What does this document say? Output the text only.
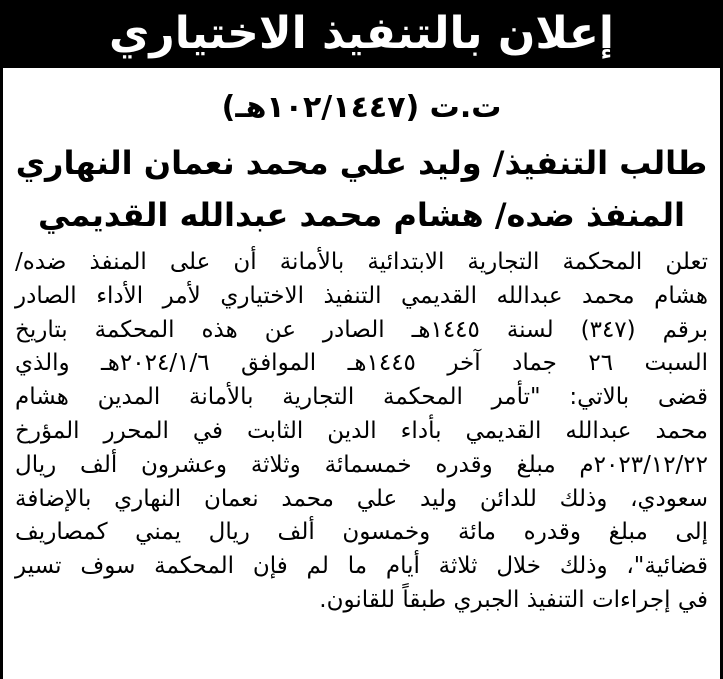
إعلان بالتنفيذ الاختياري
ت.ت (١٠٢/١٤٤٧هـ)
طالب التنفيذ/ وليد علي محمد نعمان النهاري
المنفذ ضده/ هشام محمد عبدالله القديمي
تعلن المحكمة التجارية الابتدائية بالأمانة أن على المنفذ ضده/
هشام محمد عبدالله القديمي التنفيذ الاختياري لأمر الأداء الصادر
برقم (٣٤٧) لسنة ١٤٤٥هـ الصادر عن هذه المحكمة بتاريخ
السبت ٢٦ جماد آخر ١٤٤٥هـ الموافق ٢٠٢٤/١/٦هـ والذي
قضى بالاتي: "تأمر المحكمة التجارية بالأمانة المدين هشام
محمد عبدالله القديمي بأداء الدين الثابت في المحرر المؤرخ
٢٠٢٣/١٢/٢٢م مبلغ وقدره خمسمائة وثلاثة وعشرون ألف ريال
سعودي، وذلك للدائن وليد علي محمد نعمان النهاري بالإضافة
إلى مبلغ وقدره مائة وخمسون ألف ريال يمني كمصاريف
قضائية"، وذلك خلال ثلاثة أيام ما لم فإن المحكمة سوف تسير
في إجراءات التنفيذ الجبري طبقاً للقانون.
